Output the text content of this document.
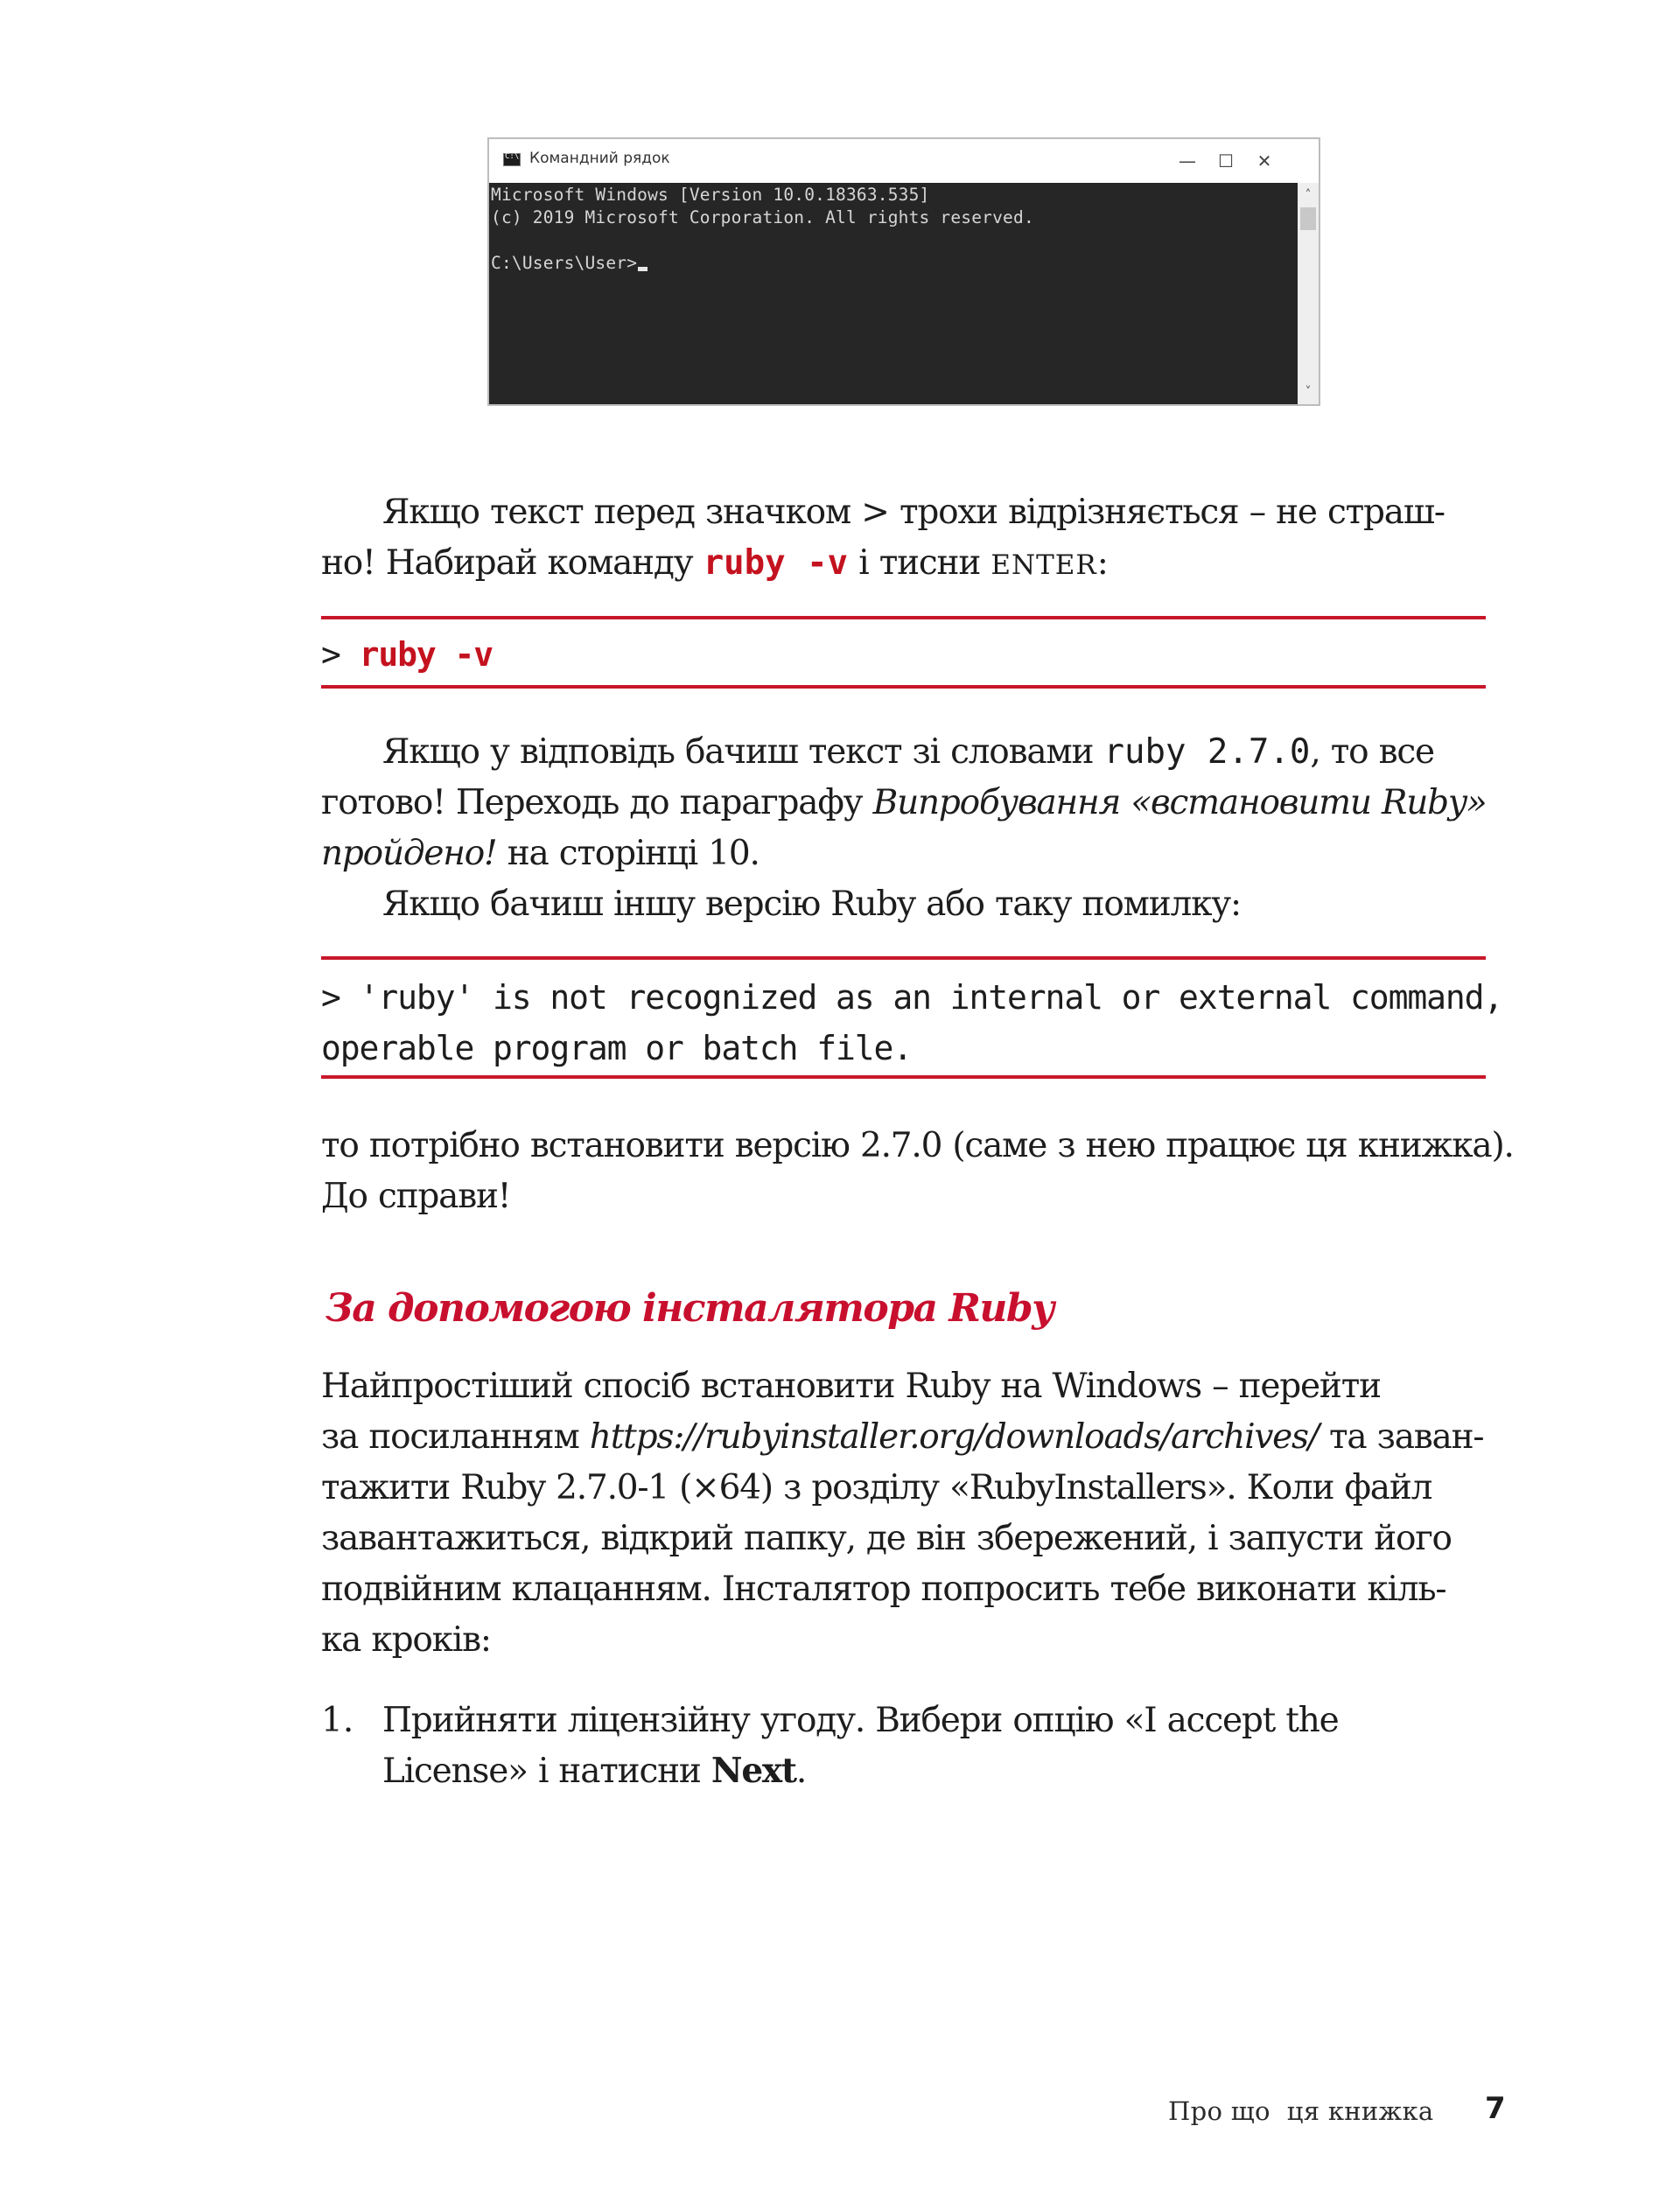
C:\
Командний рядок	—	☐	✕
Microsoft Windows [Version 10.0.18363.535]
(c) 2019 Microsoft Corporation. All rights reserved.
C:\Users\User>
˄
˅
Якщо текст перед значком > трохи відрізняється – не страш-
но! Набирай команду ruby -v і тисни ENTER:
> ruby -v
Якщо у відповідь бачиш текст зі словами ruby 2.7.0, то все
готово! Переходь до параграфу Випробування «встановити Ruby»
пройдено! на сторінці 10.
Якщо бачиш іншу версію Ruby або таку помилку:
> 'ruby' is not recognized as an internal or external command,
operable program or batch file.
то потрібно встановити версію 2.7.0 (саме з нею працює ця книжка).
До справи!
За допомогою інсталятора Ruby
Найпростіший спосіб встановити Ruby на Windows – перейти
за посиланням https://rubyinstaller.org/downloads/archives/ та заван-
тажити Ruby 2.7.0-1 (×64) з розділу «RubyInstallers». Коли файл
завантажиться, відкрий папку, де він збережений, і запусти його
подвійним клацанням. Інсталятор попросить тебе виконати кіль-
ка кроків:
1. Прийняти ліцензійну угоду. Вибери опцію «I accept the
License» і натисни Next.
Про що  ця книжка 7
